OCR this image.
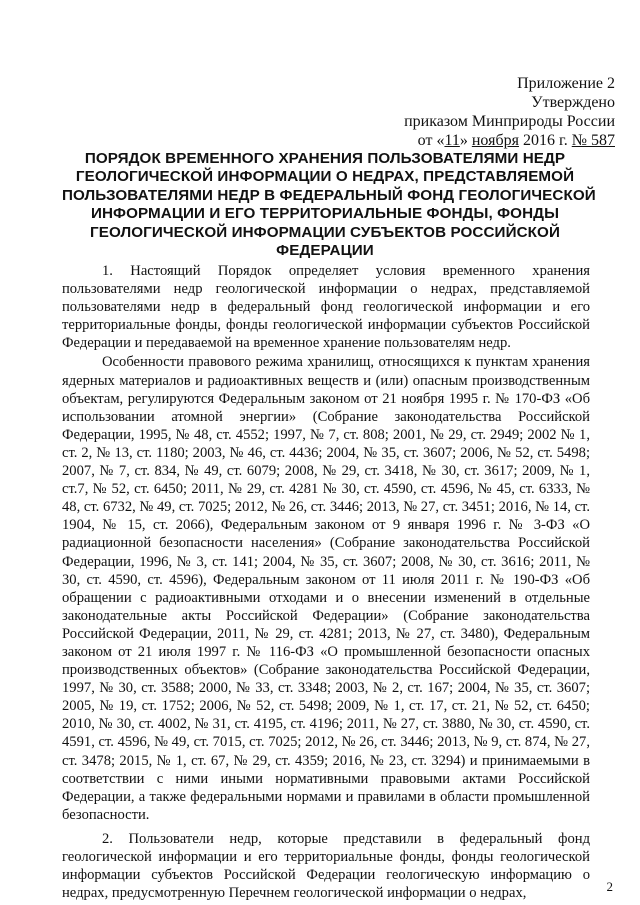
Приложение 2
Утверждено
приказом Минприроды России
от «11» ноября 2016 г. № 587
ПОРЯДОК ВРЕМЕННОГО ХРАНЕНИЯ ПОЛЬЗОВАТЕЛЯМИ НЕДР
ГЕОЛОГИЧЕСКОЙ ИНФОРМАЦИИ О НЕДРАХ, ПРЕДСТАВЛЯЕМОЙ
ПОЛЬЗОВАТЕЛЯМИ НЕДР В ФЕДЕРАЛЬНЫЙ ФОНД ГЕОЛОГИЧЕСКОЙ
ИНФОРМАЦИИ И ЕГО ТЕРРИТОРИАЛЬНЫЕ ФОНДЫ, ФОНДЫ
ГЕОЛОГИЧЕСКОЙ ИНФОРМАЦИИ СУБЪЕКТОВ РОССИЙСКОЙ
ФЕДЕРАЦИИ

1. Настоящий Порядок определяет условия временного хранения пользователями недр геологической информации о недрах, представляемой пользователями недр в федеральный фонд геологической информации и его территориальные фонды, фонды геологической информации субъектов Российской Федерации и передаваемой на временное хранение пользователям недр.

Особенности правового режима хранилищ, относящихся к пунктам хранения ядерных материалов и радиоактивных веществ и (или) опасным производственным объектам, регулируются Федеральным законом от 21 ноября 1995 г. № 170-ФЗ «Об использовании атомной энергии» (Собрание законодательства Российской Федерации, 1995, № 48, ст. 4552; 1997, № 7, ст. 808; 2001, № 29, ст. 2949; 2002 № 1, ст. 2, № 13, ст. 1180; 2003, № 46, ст. 4436; 2004, № 35, ст. 3607; 2006, № 52, ст. 5498; 2007, № 7, ст. 834, № 49, ст. 6079; 2008, № 29, ст. 3418, № 30, ст. 3617; 2009, № 1, ст.7, № 52, ст. 6450; 2011, № 29, ст. 4281 № 30, ст. 4590, ст. 4596, № 45, ст. 6333, № 48, ст. 6732, № 49, ст. 7025; 2012, № 26, ст. 3446; 2013, № 27, ст. 3451; 2016, № 14, ст. 1904, № 15, ст. 2066), Федеральным законом от 9 января 1996 г. № 3-ФЗ «О радиационной безопасности населения» (Собрание законодательства Российской Федерации, 1996, № 3, ст. 141; 2004, № 35, ст. 3607; 2008, № 30, ст. 3616; 2011, № 30, ст. 4590, ст. 4596), Федеральным законом от 11 июля 2011 г. № 190-ФЗ «Об обращении с радиоактивными отходами и о внесении изменений в отдельные законодательные акты Российской Федерации» (Собрание законодательства Российской Федерации, 2011, № 29, ст. 4281; 2013, № 27, ст. 3480), Федеральным законом от 21 июля 1997 г. № 116-ФЗ «О промышленной безопасности опасных производственных объектов» (Собрание законодательства Российской Федерации, 1997, № 30, ст. 3588; 2000, № 33, ст. 3348; 2003, № 2, ст. 167; 2004, № 35, ст. 3607; 2005, № 19, ст. 1752; 2006, № 52, ст. 5498; 2009, № 1, ст. 17, ст. 21, № 52, ст. 6450; 2010, № 30, ст. 4002, № 31, ст. 4195, ст. 4196; 2011, № 27, ст. 3880, № 30, ст. 4590, ст. 4591, ст. 4596, № 49, ст. 7015, ст. 7025; 2012, № 26, ст. 3446; 2013, № 9, ст. 874, № 27, ст. 3478; 2015, № 1, ст. 67, № 29, ст. 4359; 2016, № 23, ст. 3294) и принимаемыми в соответствии с ними иными нормативными правовыми актами Российской Федерации, а также федеральными нормами и правилами в области промышленной безопасности.

2. Пользователи недр, которые представили в федеральный фонд геологической информации и его территориальные фонды, фонды геологической информации субъектов Российской Федерации геологическую информацию о недрах, предусмотренную Перечнем геологической информации о недрах,	2
